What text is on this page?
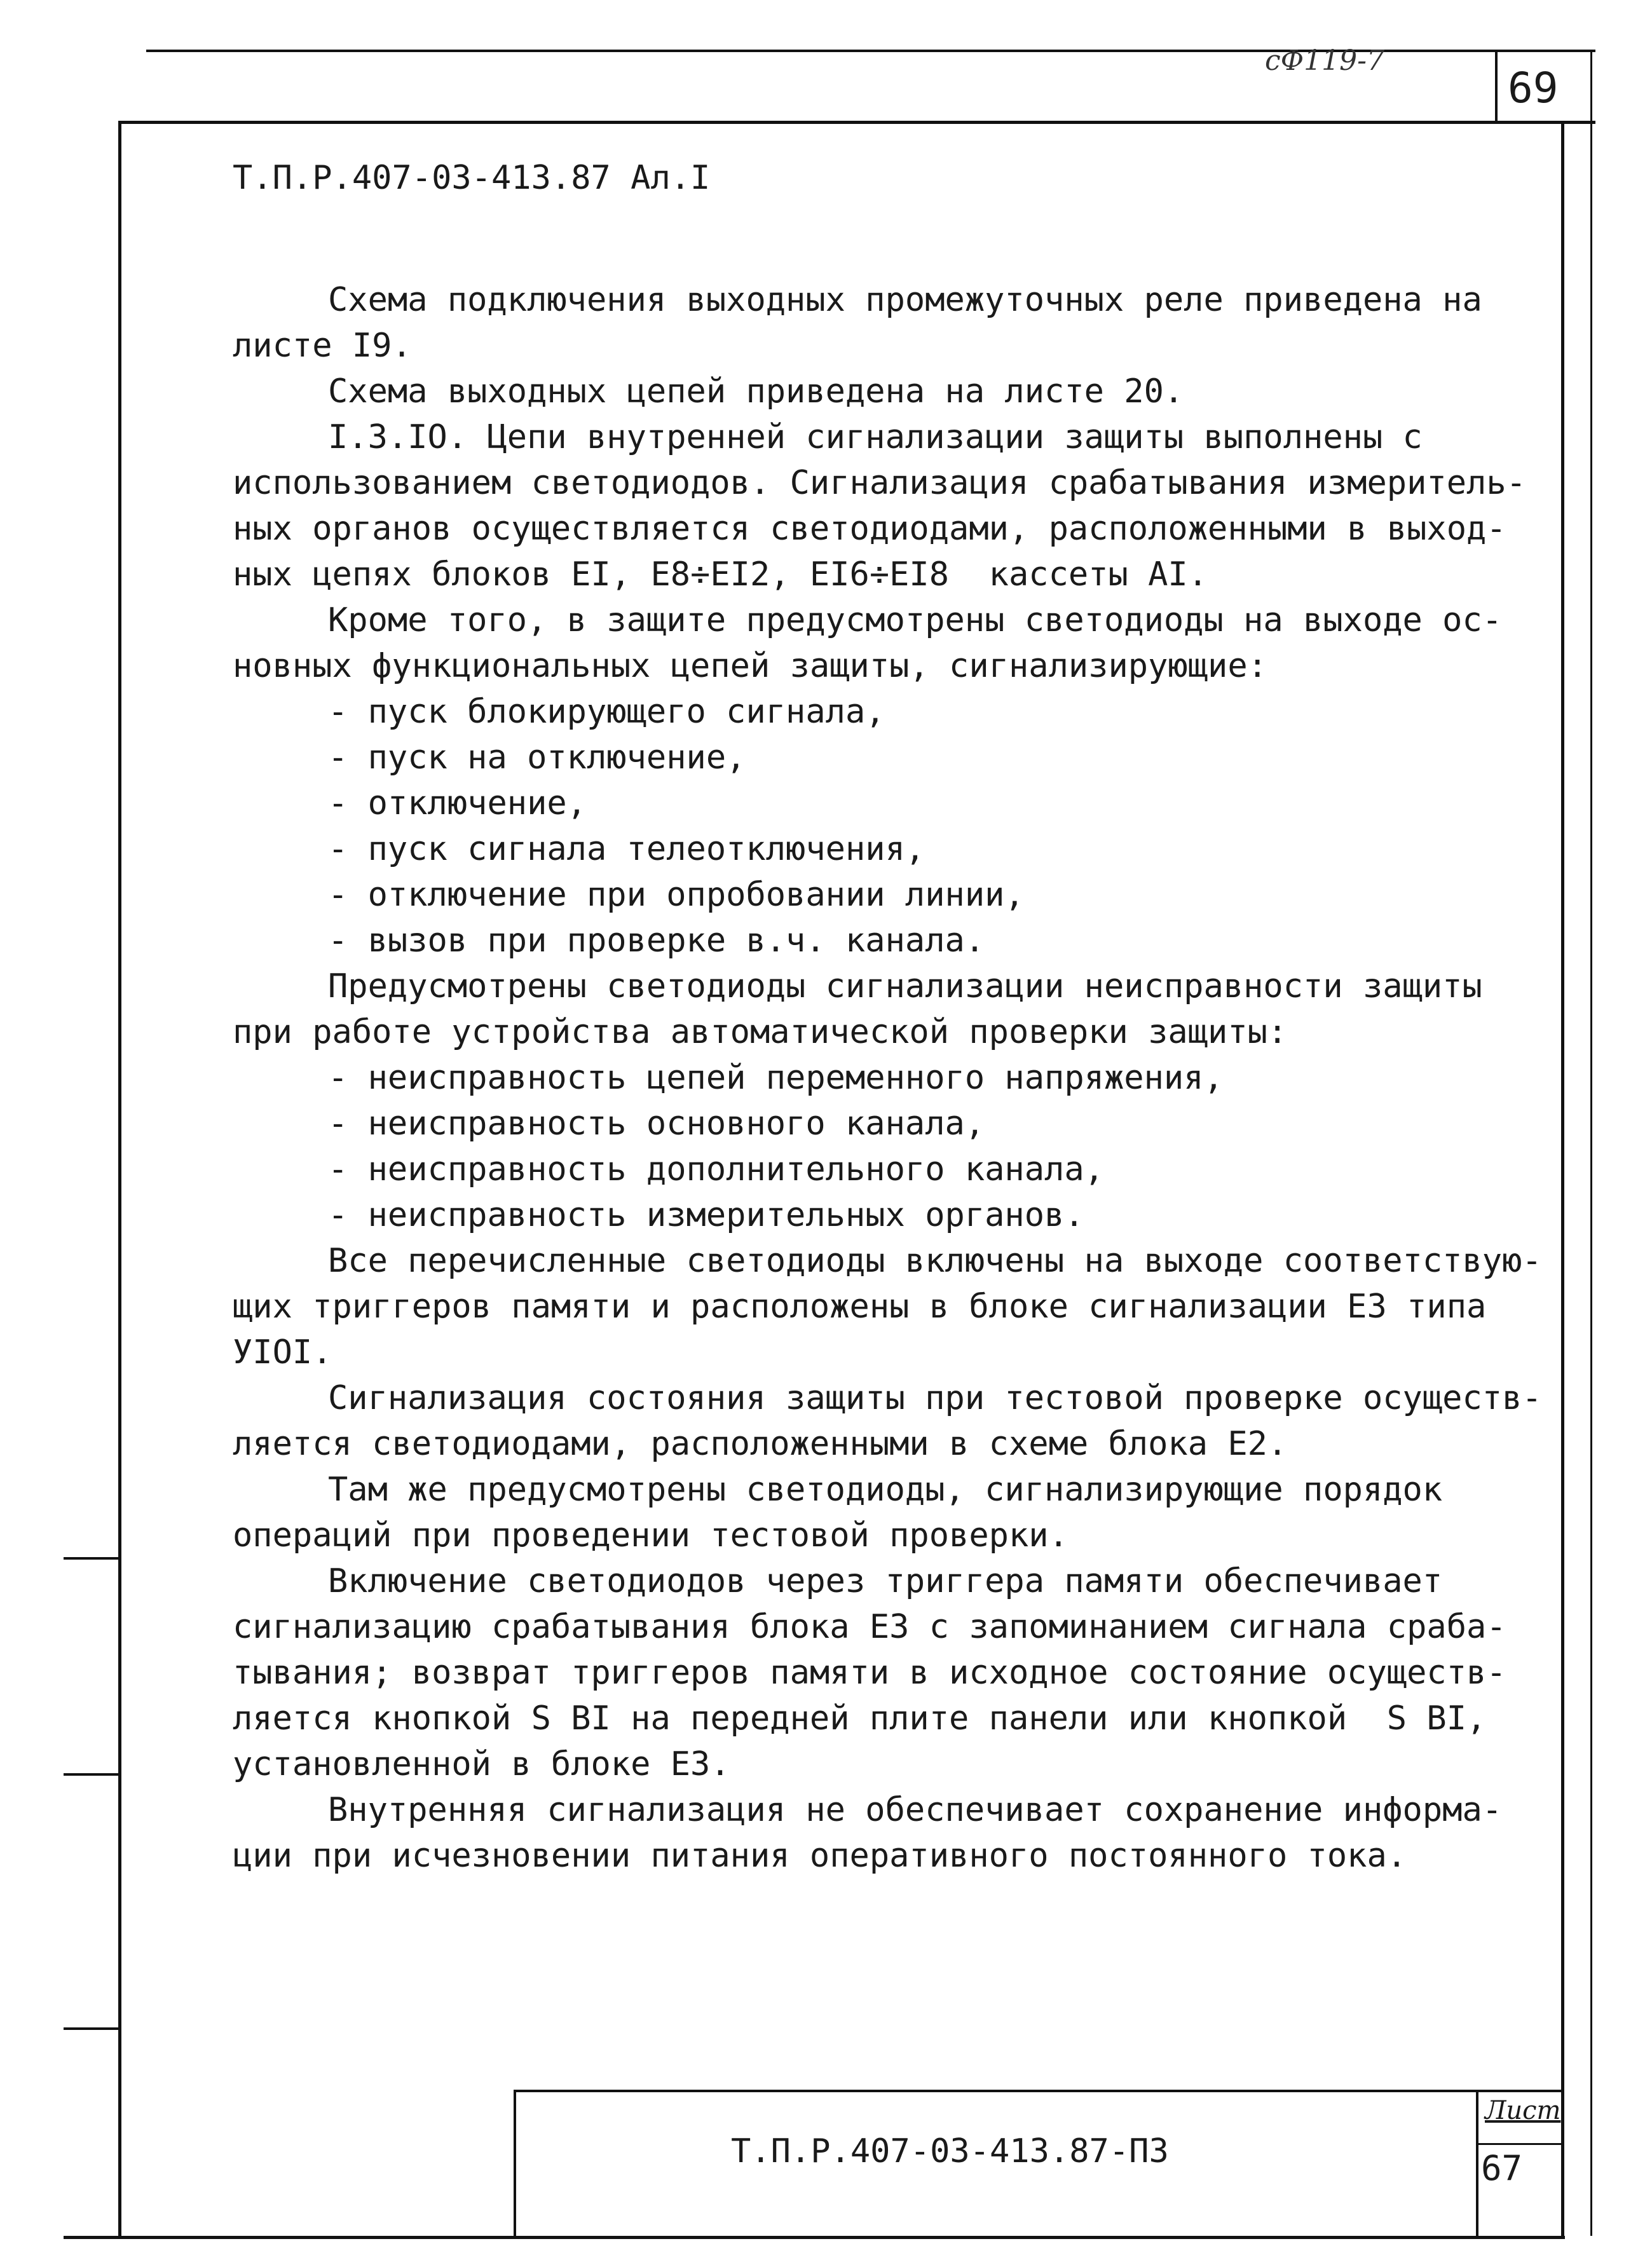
сФ119-7
69
Т.П.Р.407-03-413.87 Ал.I
Схема подключения выходных промежуточных реле приведена на
листе I9.
Схема выходных цепей приведена на листе 20.
I.3.IO. Цепи внутренней сигнализации защиты выполнены с
использованием светодиодов. Сигнализация срабатывания измеритель-
ных органов осуществляется светодиодами, расположенными в выход-
ных цепях блоков ЕI, Е8÷ЕI2, ЕI6÷ЕI8  кассеты АI.
Кроме того, в защите предусмотрены светодиоды на выходе ос-
новных функциональных цепей защиты, сигнализирующие:
- пуск блокирующего сигнала,
- пуск на отключение,
- отключение,
- пуск сигнала телеотключения,
- отключение при опробовании линии,
- вызов при проверке в.ч. канала.
Предусмотрены светодиоды сигнализации неисправности защиты
при работе устройства автоматической проверки защиты:
- неисправность цепей переменного напряжения,
- неисправность основного канала,
- неисправность дополнительного канала,
- неисправность измерительных органов.
Все перечисленные светодиоды включены на выходе соответствую-
щих триггеров памяти и расположены в блоке сигнализации Е3 типа
УIОI.
Сигнализация состояния защиты при тестовой проверке осуществ-
ляется светодиодами, расположенными в схеме блока Е2.
Там же предусмотрены светодиоды, сигнализирующие порядок
операций при проведении тестовой проверки.
Включение светодиодов через триггера памяти обеспечивает
сигнализацию срабатывания блока Е3 с запоминанием сигнала сраба-
тывания; возврат триггеров памяти в исходное состояние осуществ-
ляется кнопкой S ВI на передней плите панели или кнопкой  S ВI,
установленной в блоке Е3.
Внутренняя сигнализация не обеспечивает сохранение информа-
ции при исчезновении питания оперативного постоянного тока.
Т.П.Р.407-03-413.87-П3
Лист
67
